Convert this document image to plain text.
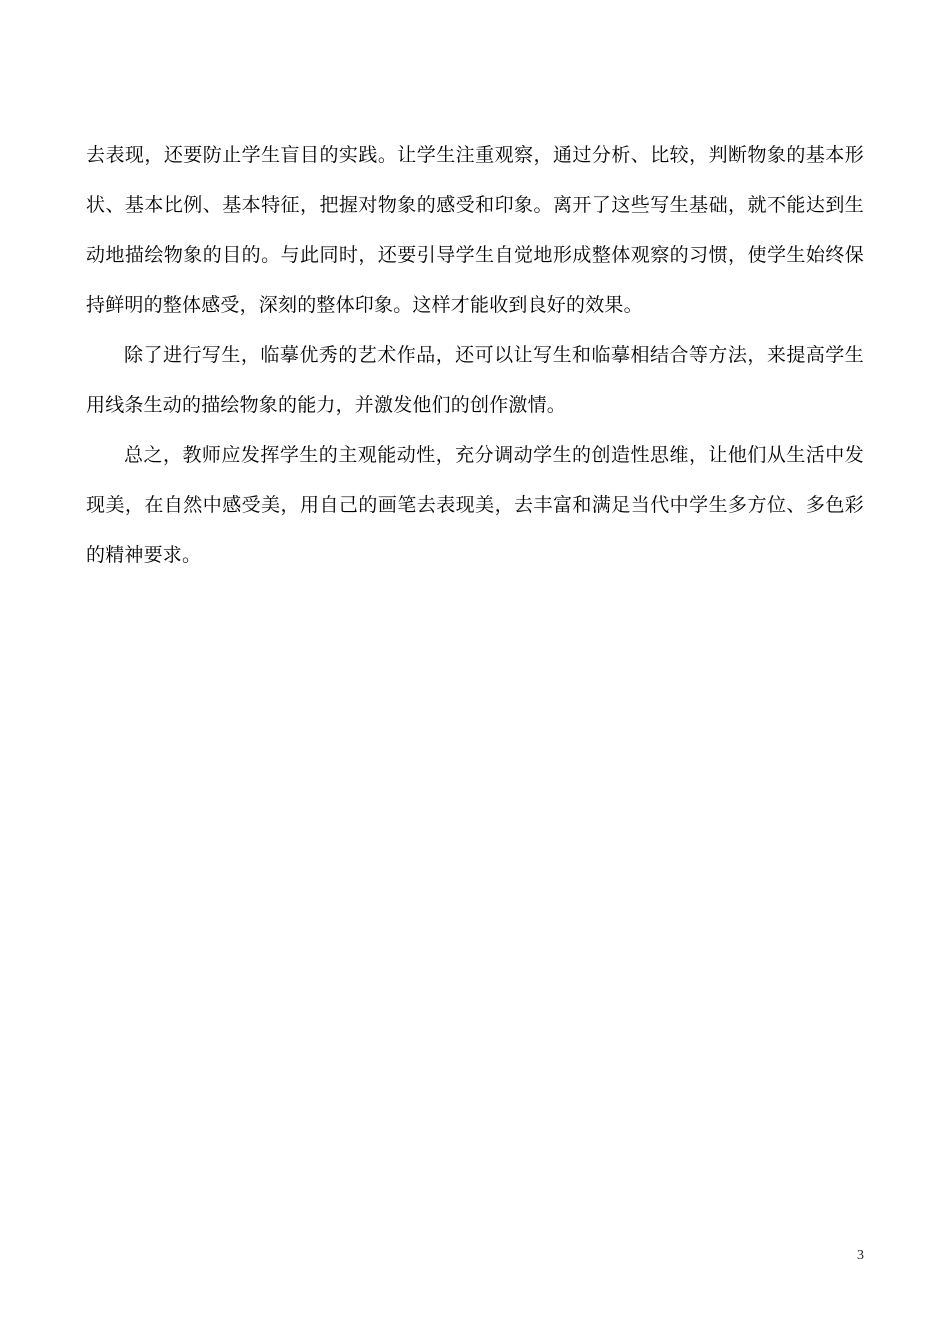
去表现，还要防止学生盲目的实践。让学生注重观察，通过分析、比较，判断物象的基本形状、基本比例、基本特征，把握对物象的感受和印象。离开了这些写生基础，就不能达到生动地描绘物象的目的。与此同时，还要引导学生自觉地形成整体观察的习惯，使学生始终保持鲜明的整体感受，深刻的整体印象。这样才能收到良好的效果。

除了进行写生，临摹优秀的艺术作品，还可以让写生和临摹相结合等方法，来提高学生用线条生动的描绘物象的能力，并激发他们的创作激情。

总之，教师应发挥学生的主观能动性，充分调动学生的创造性思维，让他们从生活中发现美，在自然中感受美，用自己的画笔去表现美，去丰富和满足当代中学生多方位、多色彩的精神要求。

3
